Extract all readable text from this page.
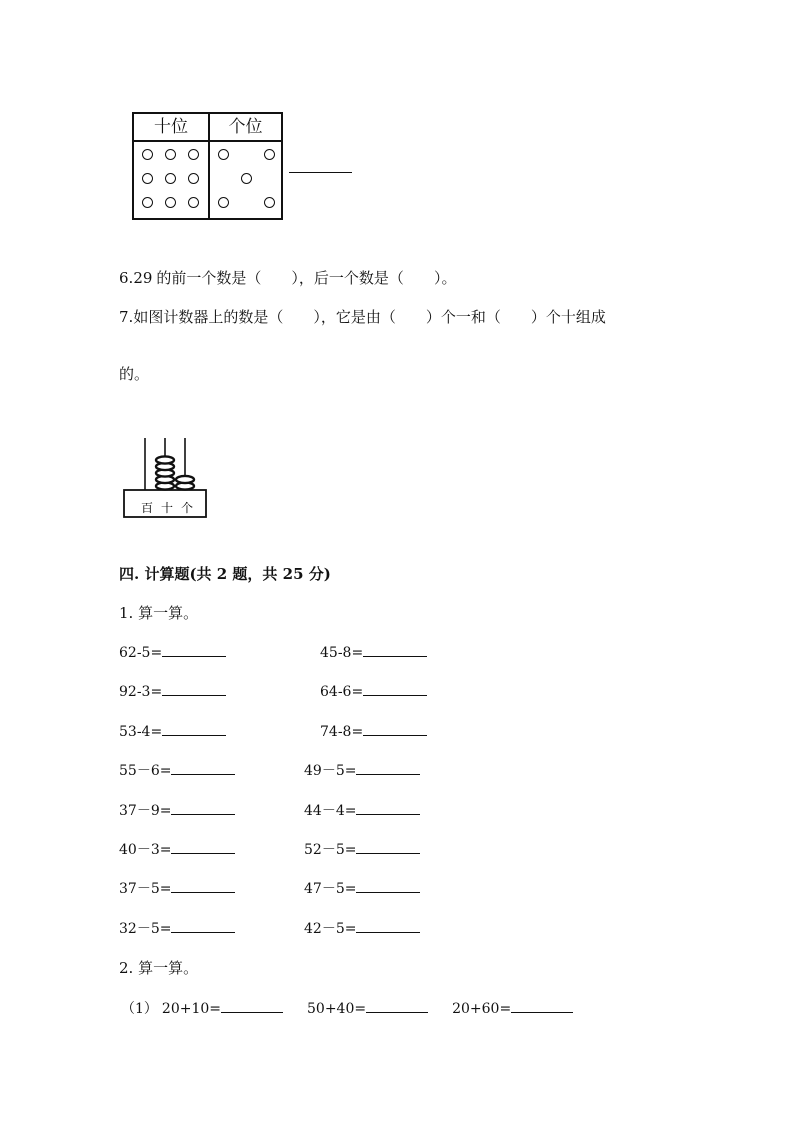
十位	个位
6.29 的前一个数是（ ），后一个数是（ ）。
7.如图计数器上的数是（ ），它是由（ ）个一和（ ）个十组成
的。
百 十 个
四. 计算题(共 2 题，共 25 分)
1. 算一算。
62-5=	45-8=
92-3=	64-6=
53-4=	74-8=
55－6=	49－5=
37－9=	44－4=
40－3=	52－5=
37－5=	47－5=
32－5=	42－5=
2. 算一算。
（1） 20+10=	50+40=	20+60=
